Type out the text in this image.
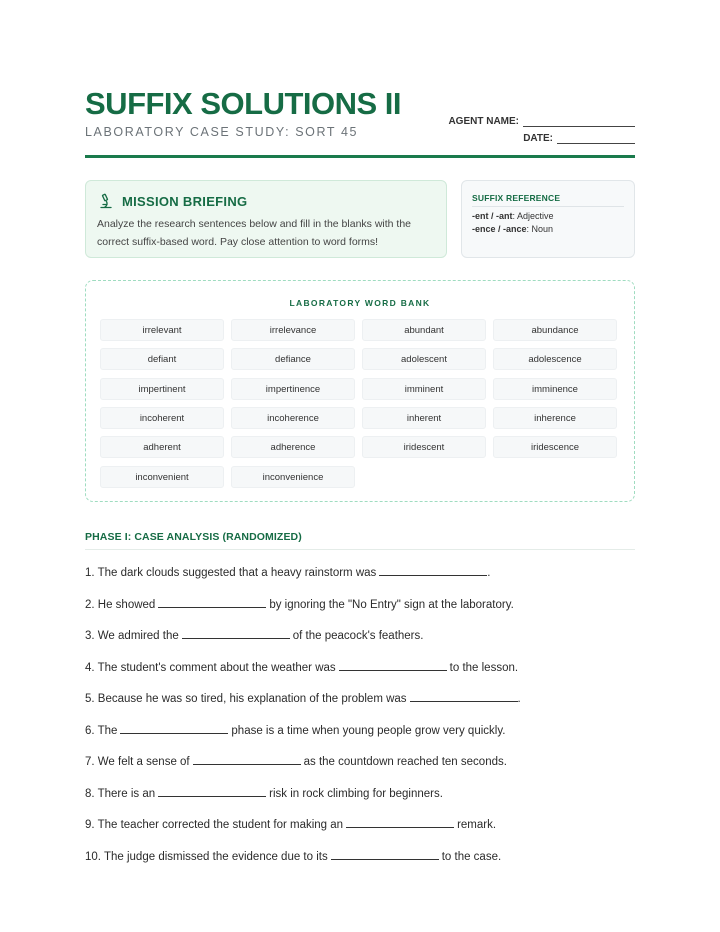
SUFFIX SOLUTIONS II
LABORATORY CASE STUDY: SORT 45
AGENT NAME:
DATE:
MISSION BRIEFING
Analyze the research sentences below and fill in the blanks with the correct suffix-based word. Pay close attention to word forms!
SUFFIX REFERENCE
-ent / -ant: Adjective
-ence / -ance: Noun
LABORATORY WORD BANK
irrelevant	irrelevance	abundant	abundance
defiant	defiance	adolescent	adolescence
impertinent	impertinence	imminent	imminence
incoherent	incoherence	inherent	inherence
adherent	adherence	iridescent	iridescence
inconvenient	inconvenience
PHASE I: CASE ANALYSIS (RANDOMIZED)
1. The dark clouds suggested that a heavy rainstorm was	.
2. He showed	by ignoring the "No Entry" sign at the laboratory.
3. We admired the	of the peacock's feathers.
4. The student's comment about the weather was	to the lesson.
5. Because he was so tired, his explanation of the problem was	.
6. The	phase is a time when young people grow very quickly.
7. We felt a sense of	as the countdown reached ten seconds.
8. There is an	risk in rock climbing for beginners.
9. The teacher corrected the student for making an	remark.
10. The judge dismissed the evidence due to its	to the case.
